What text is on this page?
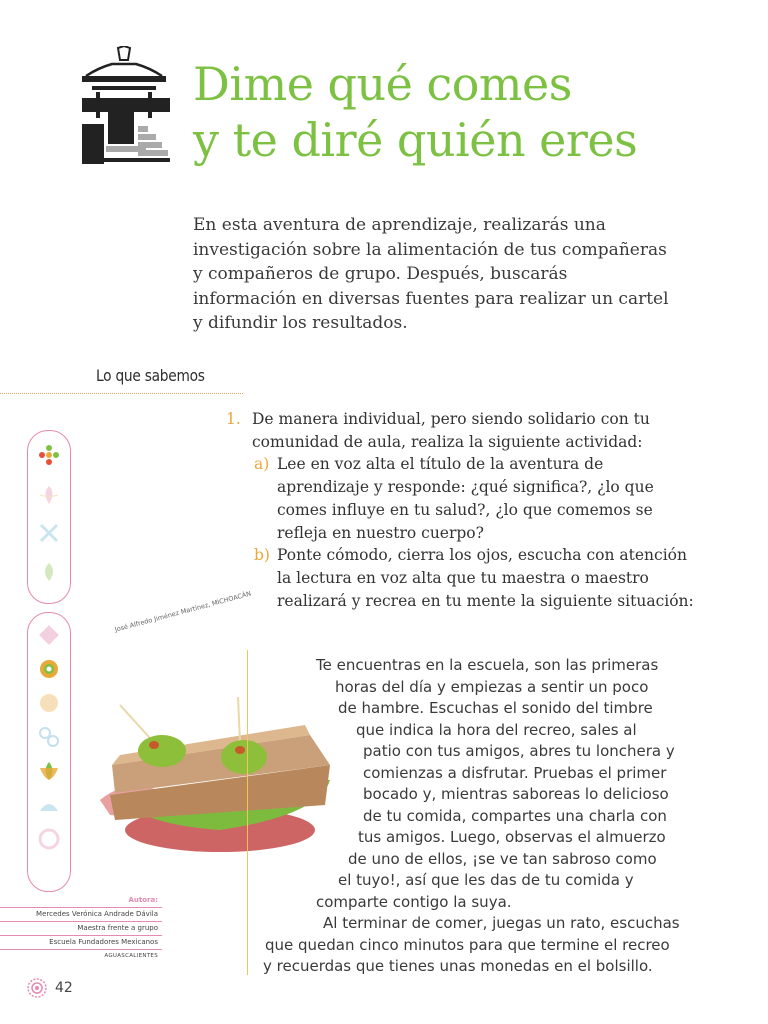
Dime qué comes
y te diré quién eres

En esta aventura de aprendizaje, realizarás una investigación sobre la alimentación de tus compañeras y compañeros de grupo. Después, buscarás información en diversas fuentes para realizar un cartel y difundir los resultados.

Lo que sabemos
1. De manera individual, pero siendo solidario con tu comunidad de aula, realiza la siguiente actividad:
a) Lee en voz alta el título de la aventura de aprendizaje y responde: ¿qué significa?, ¿lo que comes influye en tu salud?, ¿lo que comemos se refleja en nuestro cuerpo?
b) Ponte cómodo, cierra los ojos, escucha con atención la lectura en voz alta que tu maestra o maestro realizará y recrea en tu mente la siguiente situación:
José Alfredo Jiménez Martínez, MICHOACÁN
Te encuentras en la escuela, son las primeras
horas del día y empiezas a sentir un poco
de hambre. Escuchas el sonido del timbre
que indica la hora del recreo, sales al
patio con tus amigos, abres tu lonchera y
comienzas a disfrutar. Pruebas el primer
bocado y, mientras saboreas lo delicioso
de tu comida, compartes una charla con
tus amigos. Luego, observas el almuerzo
de uno de ellos, ¡se ve tan sabroso como
el tuyo!, así que les das de tu comida y
comparte contigo la suya.
Al terminar de comer, juegas un rato, escuchas
que quedan cinco minutos para que termine el recreo
y recuerdas que tienes unas monedas en el bolsillo.
Autora:
Mercedes Verónica Andrade Dávila
Maestra frente a grupo
Escuela Fundadores Mexicanos
AGUASCALIENTES
42
